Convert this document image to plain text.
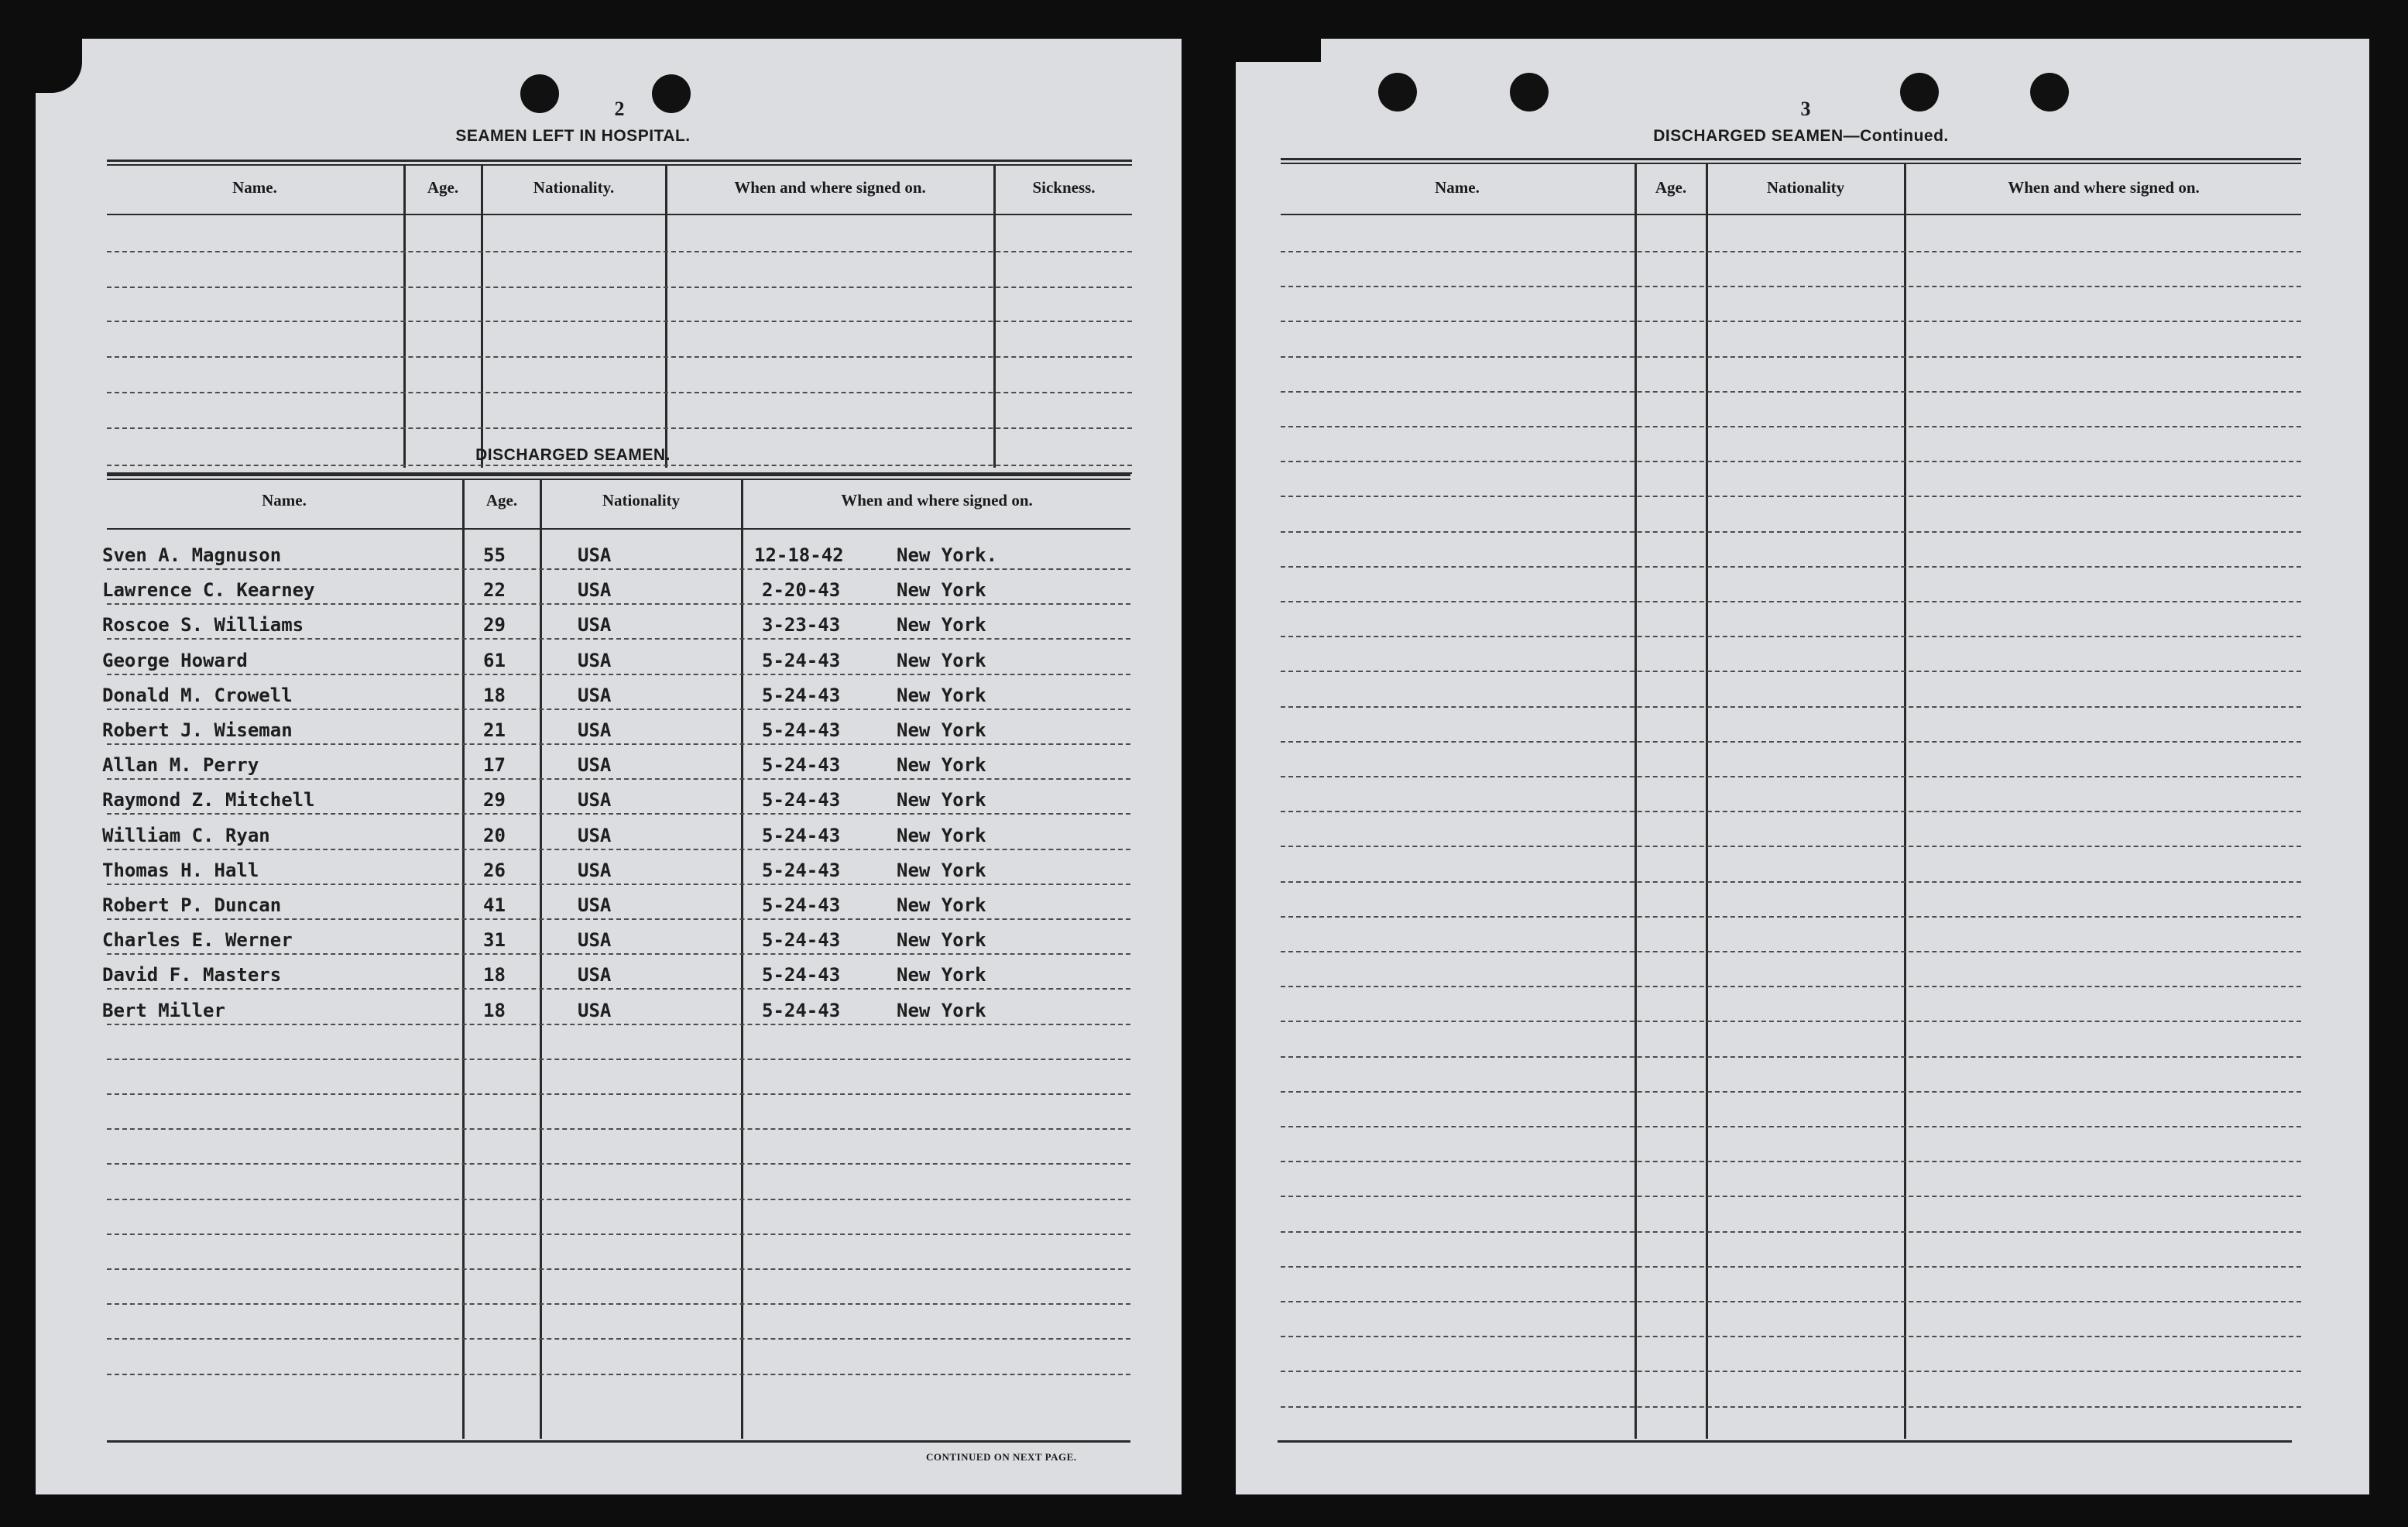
2
SEAMEN LEFT IN HOSPITAL.
Name.	Age.	Nationality.	When and where signed on.	Sickness.
DISCHARGED SEAMEN.
Name.	Age.	Nationality	When and where signed on.
Sven A. Magnuson	55	USA	12-18-42	New York.
Lawrence C. Kearney	22	USA	2-20-43	New York
Roscoe S. Williams	29	USA	3-23-43	New York
George Howard	61	USA	5-24-43	New York
Donald M. Crowell	18	USA	5-24-43	New York
Robert J. Wiseman	21	USA	5-24-43	New York
Allan M. Perry	17	USA	5-24-43	New York
Raymond Z. Mitchell	29	USA	5-24-43	New York
William C. Ryan	20	USA	5-24-43	New York
Thomas H. Hall	26	USA	5-24-43	New York
Robert P. Duncan	41	USA	5-24-43	New York
Charles E. Werner	31	USA	5-24-43	New York
David F. Masters	18	USA	5-24-43	New York
Bert Miller	18	USA	5-24-43	New York
CONTINUED ON NEXT PAGE.
3
DISCHARGED SEAMEN—Continued.
Name.	Age.	Nationality	When and where signed on.
